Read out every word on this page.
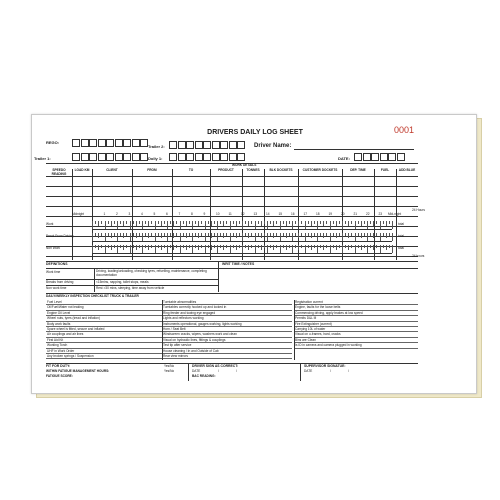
DRIVERS DAILY LOG SHEET	0001
REGO:
Trailer 2:	Driver Name:
Trailer 1:	Dolly 1:	DATE:
WORK DETAILS
SPEEDO READING
LOAD KM	CLIENT	FROM	TO	PRODUCT	TONNES	BLK DOCKETS	CUSTOMER DOCKETS	DEP. TIME	FUEL	ADD BLUE
Midnight	Mid-night
24 Hours
1	2	3	4	5	6	7	8	9	10	11	12	13	14	15	16	17	18	19	20	21	22	23
Work
Break From Driving
Non Work
total
total
total
24 hours
DEFINITIONS	WRIT TIME / NOTES
Work time	Driving, loading/unloading, checking tyres, refuelling, maintenance, completing documentation
Breaks from driving	<15mins, napping, toilet stops, meals
Non work time	Rest >30 mins, sleeping, time away from vehicle
DAILY/WEEKLY INSPECTION CHECKLIST TRUCK & TRAILER
Fuel Level
Oil/Fuel/Water not leaking
Engine Oil Level
Wheel nuts, tyres (tread and inflation)
Body work faults
Spare wheel is fitted, secure and inflated
Air couplings and air lines
First Aid Kit
Working Torch
UHF in Work Order
Any broken springs / Suspension
Turntable abnormalities
Turntables correctly hooked up and locked in
Ring feeder and towing eye engaged
Lights and reflectors working
Instruments operational, gauges working, lights working
Horn / Seat Belt
Windscreen cracks, wipers, washers work and clean
Visual on hydraulic lines, fittings & couplings
Test tip after service
House cleaning / In and Outside of Cab
Rear view mirrors
Registration current
Engine, faults for the loose belts
Commencing driving, apply brakes at low speed
Permits D&L M
Fire Extinguisher (current)
Carrying 10L of water
Visual on u-frames, hard, cracks
Bins are Clean
Is ID in camera and camera plugged in working
FIT FOR DUTY:	Yes/No
WITHIN FATIGUE MANAGEMENT HOURS:	Yes/No
FATIGUE SCORE:
DRIVER SIGN AS CORRECT:
DATE	/	/
BAC READING:
SUPERVISOR SIGNATUE:
DATE	/	/
